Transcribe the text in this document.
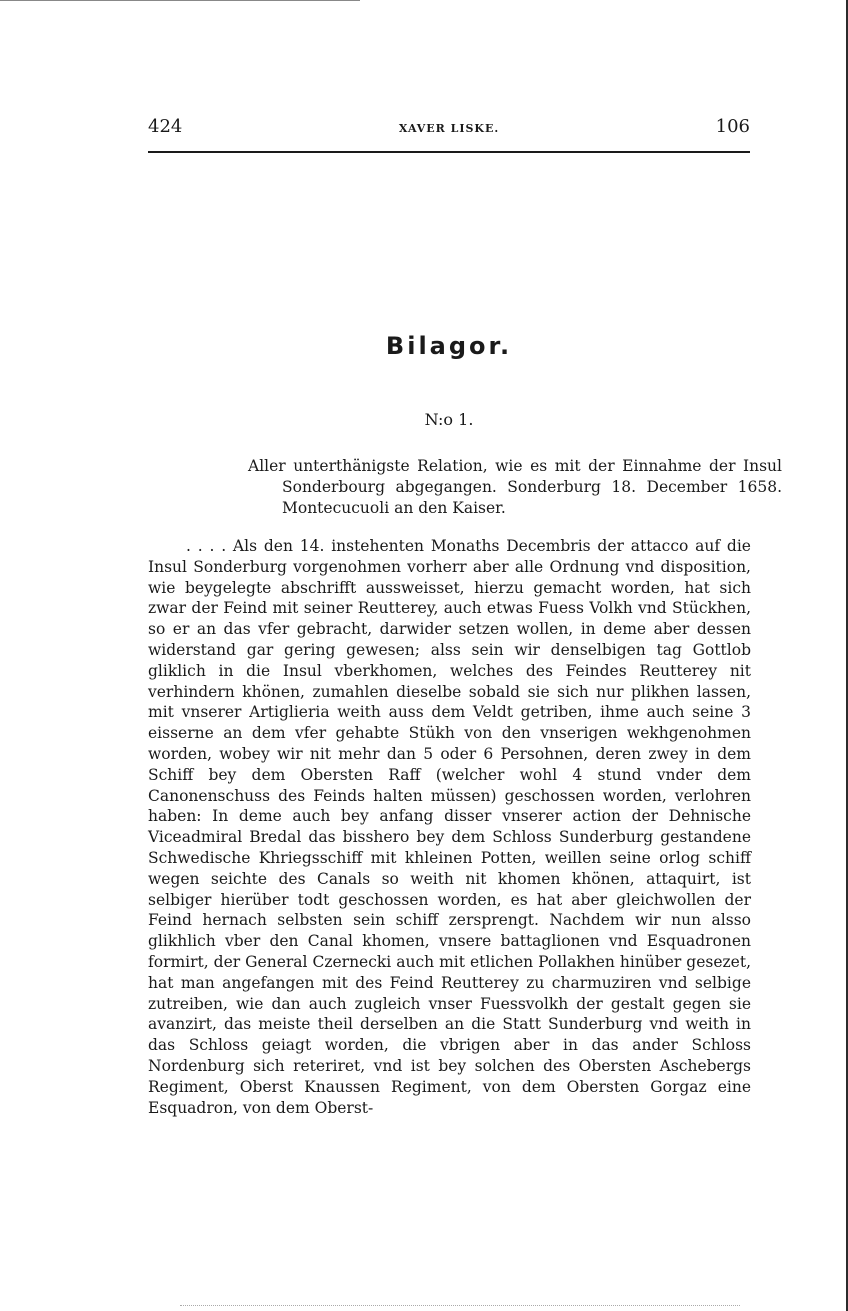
424	XAVER LISKE.	106
Bilagor.
N:o 1.
Aller unterthänigste Relation, wie es mit der Einnahme der Insul Sonderbourg abgegangen. Sonderburg 18. December 1658. Montecucuoli an den Kaiser.

. . . . Als den 14. instehenten Monaths Decembris der attacco auf die Insul Sonderburg vorgenohmen vorherr aber alle Ordnung vnd disposition, wie beygelegte abschrifft aussweisset, hierzu gemacht worden, hat sich zwar der Feind mit seiner Reutterey, auch etwas Fuess Volkh vnd Stückhen, so er an das vfer gebracht, darwider setzen wollen, in deme aber dessen widerstand gar gering gewesen; alss sein wir denselbigen tag Gottlob gliklich in die Insul vberkhomen, welches des Feindes Reutterey nit verhindern khönen, zumahlen dieselbe sobald sie sich nur plikhen lassen, mit vnserer Artiglieria weith auss dem Veldt getriben, ihme auch seine 3 eisserne an dem vfer gehabte Stükh von den vnserigen wekhgenohmen worden, wobey wir nit mehr dan 5 oder 6 Persohnen, deren zwey in dem Schiff bey dem Obersten Raff (welcher wohl 4 stund vnder dem Canonenschuss des Feinds halten müssen) geschossen worden, verlohren haben: In deme auch bey anfang disser vnserer action der Dehnische Viceadmiral Bredal das bisshero bey dem Schloss Sunderburg gestandene Schwedische Khriegsschiff mit khleinen Potten, weillen seine orlog schiff wegen seichte des Canals so weith nit khomen khönen, attaquirt, ist selbiger hierüber todt geschossen worden, es hat aber gleichwollen der Feind hernach selbsten sein schiff zersprengt. Nachdem wir nun alsso glikhlich vber den Canal khomen, vnsere battaglionen vnd Esquadronen formirt, der General Czernecki auch mit etlichen Pollakhen hinüber gesezet, hat man angefangen mit des Feind Reutterey zu charmuziren vnd selbige zutreiben, wie dan auch zugleich vnser Fuessvolkh der gestalt gegen sie avanzirt, das meiste theil derselben an die Statt Sunderburg vnd weith in das Schloss geiagt worden, die vbrigen aber in das ander Schloss Nordenburg sich reteriret, vnd ist bey solchen des Obersten Aschebergs Regiment, Oberst Knaussen Regiment, von dem Obersten Gorgaz eine Esquadron, von dem Oberst-
